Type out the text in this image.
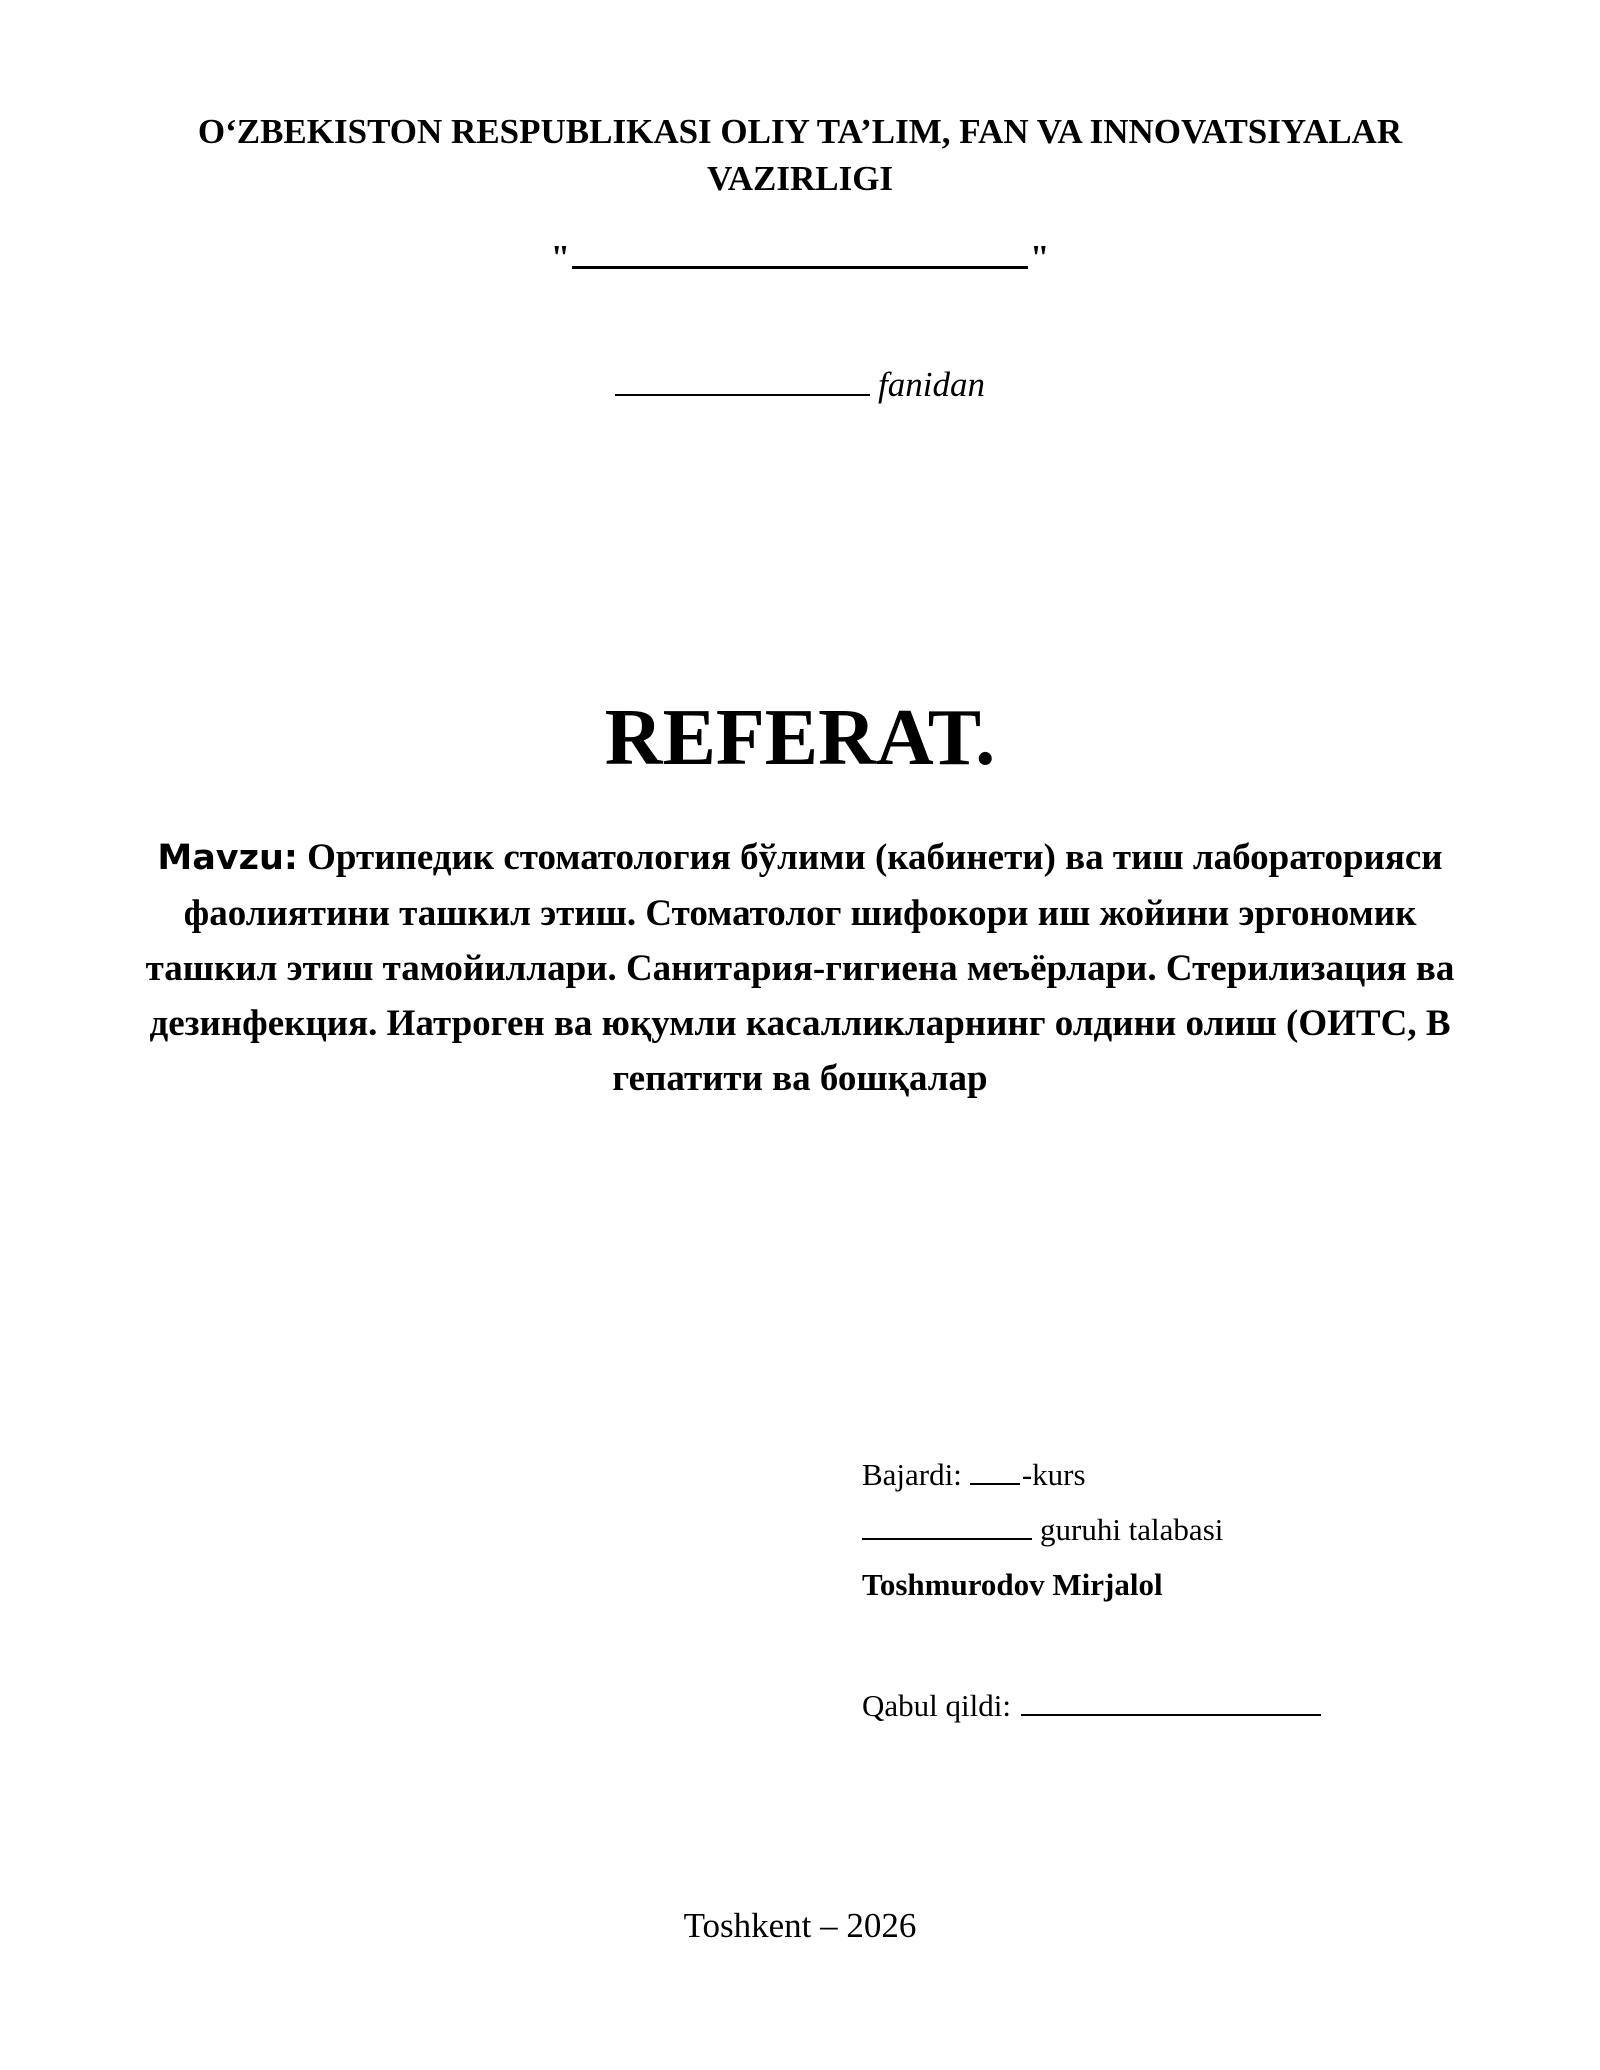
O‘ZBEKISTON RESPUBLIKASI OLIY TA’LIM, FAN VA INNOVATSIYALAR
VAZIRLIGI
"	"
fanidan
REFERAT.
Mavzu: Ортипедик стоматология бўлими (кабинети) ва тиш лабораторияси фаолиятини ташкил этиш. Стоматолог шифокори иш жойини эргономик ташкил этиш тамойиллари. Санитария-гигиена меъёрлари. Стерилизация ва дезинфекция. Иатроген ва юқумли касалликларнинг олдини олиш (ОИТС, В гепатити ва бошқалар
Bajardi: -kurs
guruhi talabasi
Toshmurodov Mirjalol
Qabul qildi:
Toshkent – 2026
